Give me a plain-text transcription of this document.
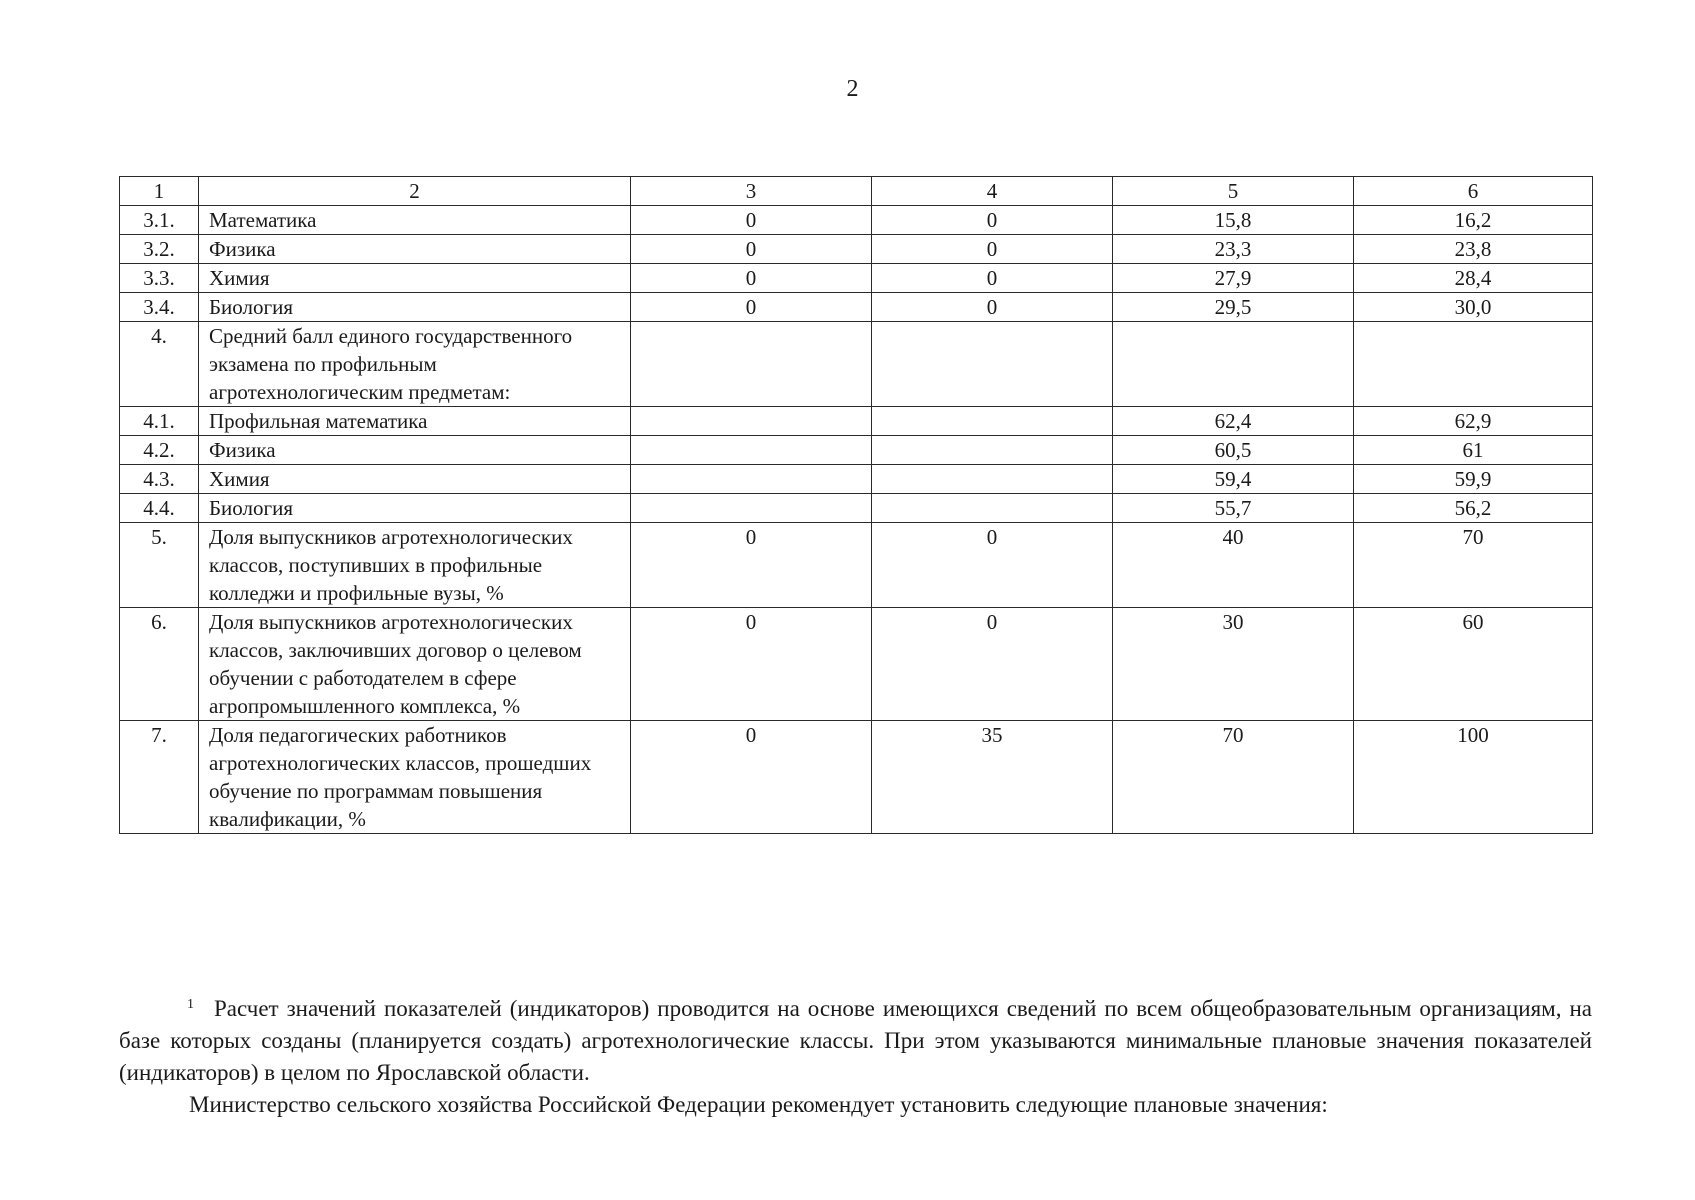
2
1	2	3	4	5	6
3.1.	Математика	0	0	15,8	16,2
3.2.	Физика	0	0	23,3	23,8
3.3.	Химия	0	0	27,9	28,4
3.4.	Биология	0	0	29,5	30,0
4.	Средний балл единого государственного экзамена по профильным агротехнологическим предметам:				
4.1.	Профильная математика			62,4	62,9
4.2.	Физика			60,5	61
4.3.	Химия			59,4	59,9
4.4.	Биология			55,7	56,2
5.	Доля выпускников агротехнологических классов, поступивших в профильные колледжи и профильные вузы, %	0	0	40	70
6.	Доля выпускников агротехнологических классов, заключивших договор о целевом обучении с работодателем в сфере агропромышленного комплекса, %	0	0	30	60
7.	Доля педагогических работников агротехнологических классов, прошедших обучение по программам повышения квалификации, %	0	35	70	100

$^1$ Расчет значений показателей (индикаторов) проводится на основе имеющихся сведений по всем общеобразовательным организациям, на базе которых созданы (планируется создать) агротехнологические классы. При этом указываются минимальные плановые значения показателей (индикаторов) в целом по Ярославской области.

Министерство сельского хозяйства Российской Федерации рекомендует установить следующие плановые значения:
